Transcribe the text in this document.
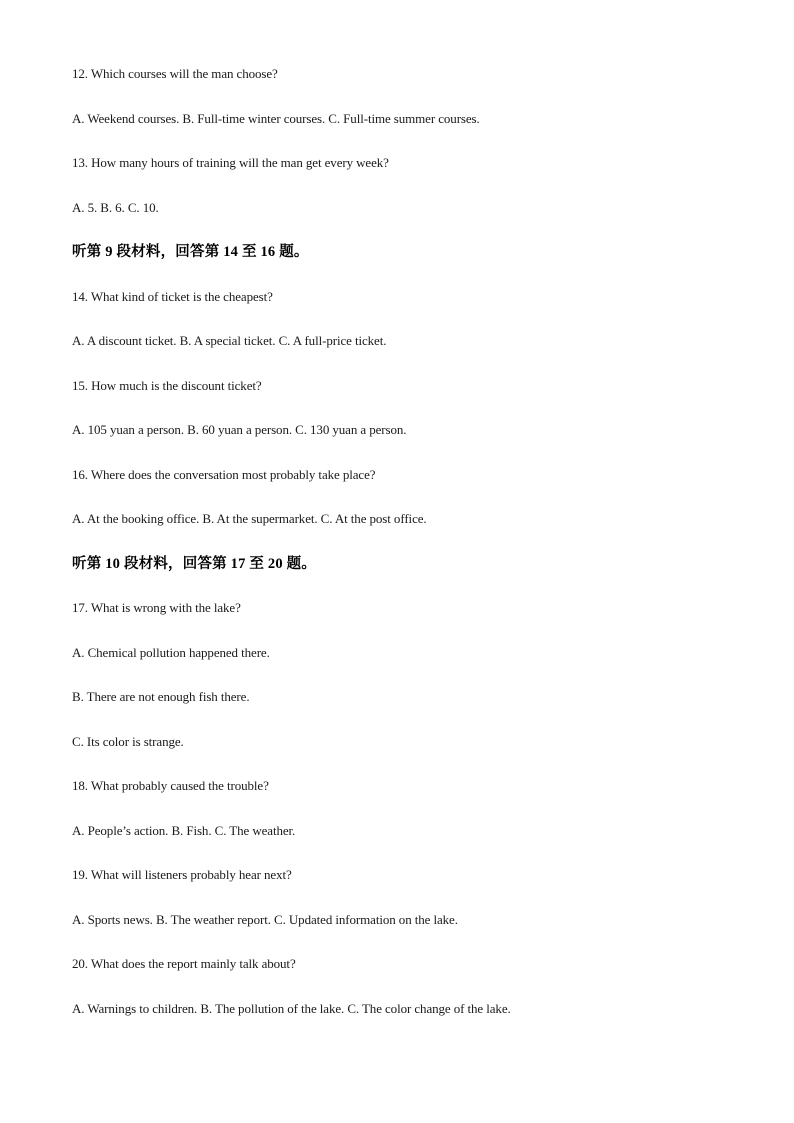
12. Which courses will the man choose?
A. Weekend courses. B. Full-time winter courses. C. Full-time summer courses.
13. How many hours of training will the man get every week?
A. 5. B. 6. C. 10.
听第 9 段材料，回答第 14 至 16 题。
14. What kind of ticket is the cheapest?
A. A discount ticket. B. A special ticket. C. A full-price ticket.
15. How much is the discount ticket?
A. 105 yuan a person. B. 60 yuan a person. C. 130 yuan a person.
16. Where does the conversation most probably take place?
A. At the booking office. B. At the supermarket. C. At the post office.
听第 10 段材料，回答第 17 至 20 题。
17. What is wrong with the lake?
A. Chemical pollution happened there.
B. There are not enough fish there.
C. Its color is strange.
18. What probably caused the trouble?
A. People’s action. B. Fish. C. The weather.
19. What will listeners probably hear next?
A. Sports news. B. The weather report. C. Updated information on the lake.
20. What does the report mainly talk about?
A. Warnings to children. B. The pollution of the lake. C. The color change of the lake.
